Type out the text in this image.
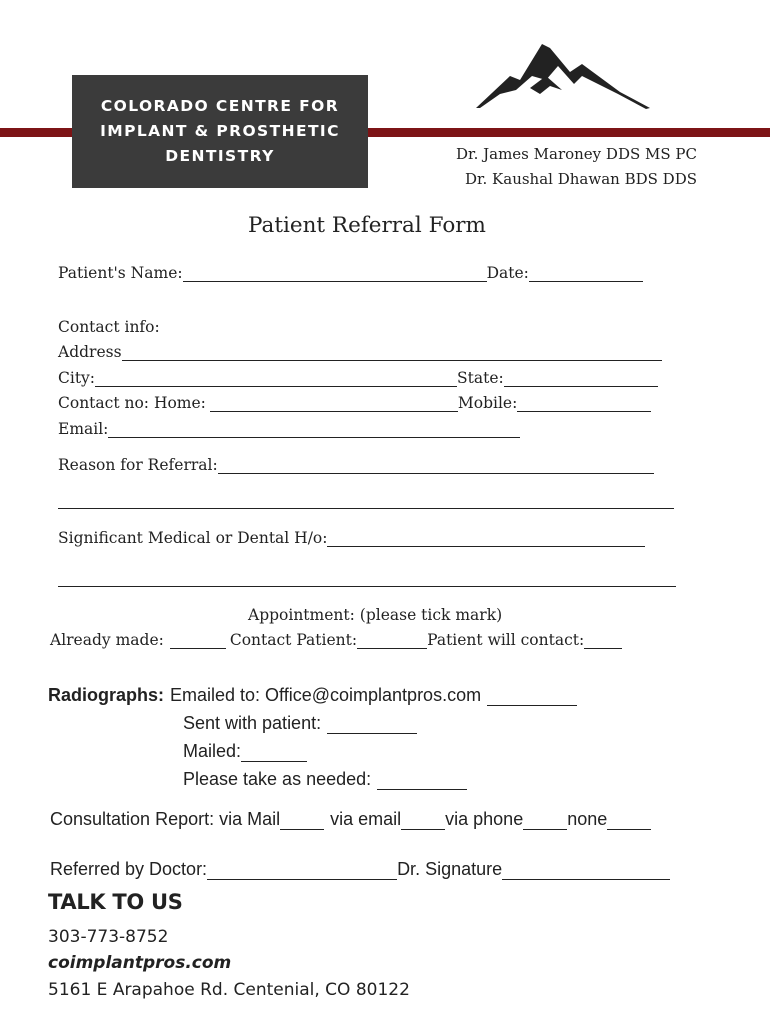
COLORADO CENTRE FOR
IMPLANT & PROSTHETIC
DENTISTRY	Dr. James Maroney DDS MS PC
Dr. Kaushal Dhawan BDS DDS
Patient Referral Form
Patient's Name:	Date:
Contact info:
Address
City:	State:
Contact no: Home:	Mobile:
Email:
Reason for Referral:
Significant Medical or Dental H/o:
Appointment: (please tick mark)
Already made:	Contact Patient:	Patient will contact:
Radiographs: Emailed to: Office@coimplantpros.com
Sent with patient:
Mailed:
Please take as needed:
Consultation Report: via Mail	via email via phone none
Referred by Doctor:	Dr. Signature
TALK TO US
303-773-8752
coimplantpros.com
5161 E Arapahoe Rd. Centenial, CO 80122
